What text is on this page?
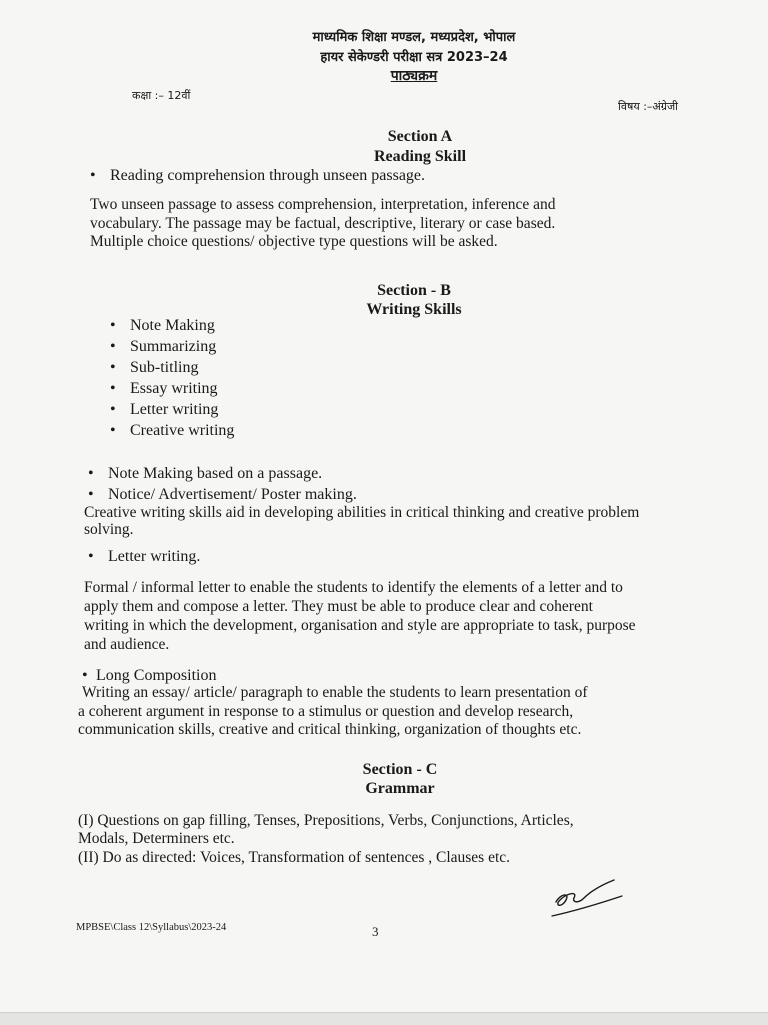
माध्यमिक शिक्षा मण्डल, मध्यप्रदेश, भोपाल
हायर सेकेण्डरी परीक्षा सत्र 2023–24
पाठ्यक्रम
कक्षा :– 12वीं
विषय :–अंग्रेजी
Section A
Reading Skill
• Reading comprehension through unseen passage.
Two unseen passage to assess comprehension, interpretation, inference and
vocabulary. The passage may be factual, descriptive, literary or case based.
Multiple choice questions/ objective type questions will be asked.
Section - B
Writing Skills
• Note Making
• Summarizing
• Sub-titling
• Essay writing
• Letter writing
• Creative writing
• Note Making based on a passage.
• Notice/ Advertisement/ Poster making.
Creative writing skills aid in developing abilities in critical thinking and creative problem
solving.
• Letter writing.
Formal / informal letter to enable the students to identify the elements of a letter and to
apply them and compose a letter. They must be able to produce clear and coherent
writing in which the development, organisation and style are appropriate to task, purpose
and audience.
• Long Composition
Writing an essay/ article/ paragraph to enable the students to learn presentation of
a coherent argument in response to a stimulus or question and develop research,
communication skills, creative and critical thinking, organization of thoughts etc.
Section - C
Grammar
(I) Questions on gap filling, Tenses, Prepositions, Verbs, Conjunctions, Articles,
Modals, Determiners etc.
(II) Do as directed: Voices, Transformation of sentences , Clauses etc.
MPBSE\Class 12\Syllabus\2023-24	3
